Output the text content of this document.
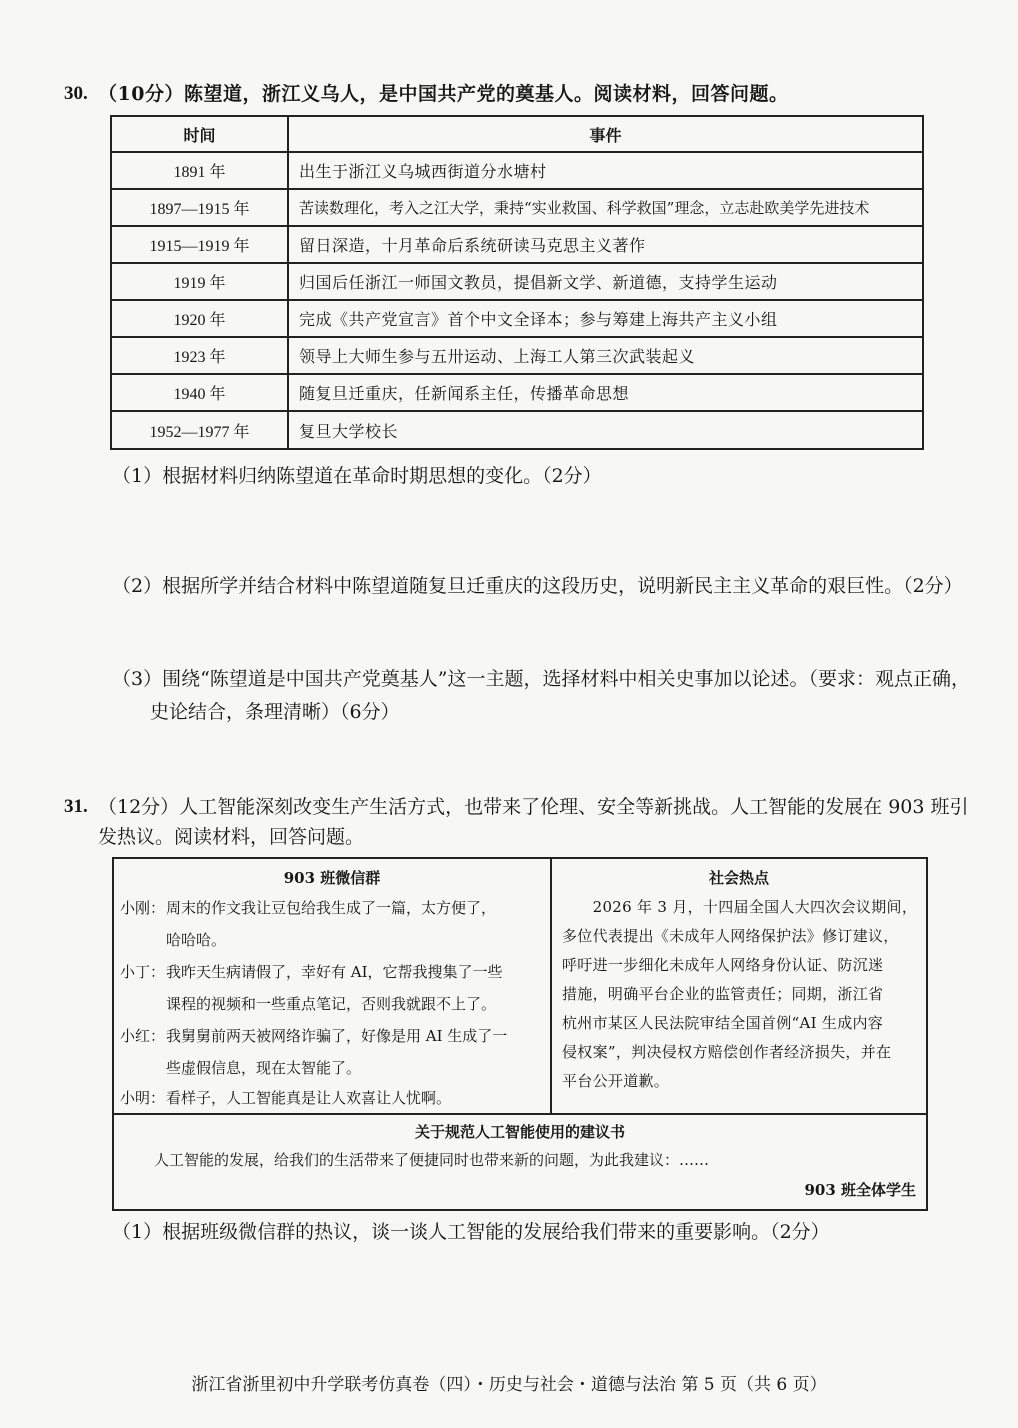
30. （10分）陈望道，浙江义乌人，是中国共产党的奠基人。阅读材料，回答问题。
时间	事件
1891 年	出生于浙江义乌城西街道分水塘村
1897—1915 年	苦读数理化，考入之江大学，秉持“实业救国、科学救国”理念，立志赴欧美学先进技术
1915—1919 年	留日深造，十月革命后系统研读马克思主义著作
1919 年	归国后任浙江一师国文教员，提倡新文学、新道德，支持学生运动
1920 年	完成《共产党宣言》首个中文全译本；参与筹建上海共产主义小组
1923 年	领导上大师生参与五卅运动、上海工人第三次武装起义
1940 年	随复旦迁重庆，任新闻系主任，传播革命思想
1952—1977 年	复旦大学校长
（1）根据材料归纳陈望道在革命时期思想的变化。（2分）
（2）根据所学并结合材料中陈望道随复旦迁重庆的这段历史，说明新民主主义革命的艰巨性。（2分）
（3）围绕“陈望道是中国共产党奠基人”这一主题，选择材料中相关史事加以论述。（要求：观点正确，
史论结合，条理清晰）（6分）
31. （12分）人工智能深刻改变生产生活方式，也带来了伦理、安全等新挑战。人工智能的发展在 903 班引
发热议。阅读材料，回答问题。
903 班微信群
小刚： 周末的作文我让豆包给我生成了一篇，太方便了，
哈哈哈。
小丁： 我昨天生病请假了，幸好有 AI，它帮我搜集了一些
课程的视频和一些重点笔记，否则我就跟不上了。
小红： 我舅舅前两天被网络诈骗了，好像是用 AI 生成了一
些虚假信息，现在太智能了。
小明： 看样子，人工智能真是让人欢喜让人忧啊。
社会热点
　　2026 年 3 月，十四届全国人大四次会议期间，
多位代表提出《未成年人网络保护法》修订建议，
呼吁进一步细化未成年人网络身份认证、防沉迷
措施，明确平台企业的监管责任；同期，浙江省
杭州市某区人民法院审结全国首例“AI 生成内容
侵权案”，判决侵权方赔偿创作者经济损失，并在
平台公开道歉。
关于规范人工智能使用的建议书
人工智能的发展，给我们的生活带来了便捷同时也带来新的问题，为此我建议：……
903 班全体学生
（1）根据班级微信群的热议，谈一谈人工智能的发展给我们带来的重要影响。（2分）
浙江省浙里初中升学联考仿真卷（四）・历史与社会・道德与法治 第 5 页（共 6 页）
